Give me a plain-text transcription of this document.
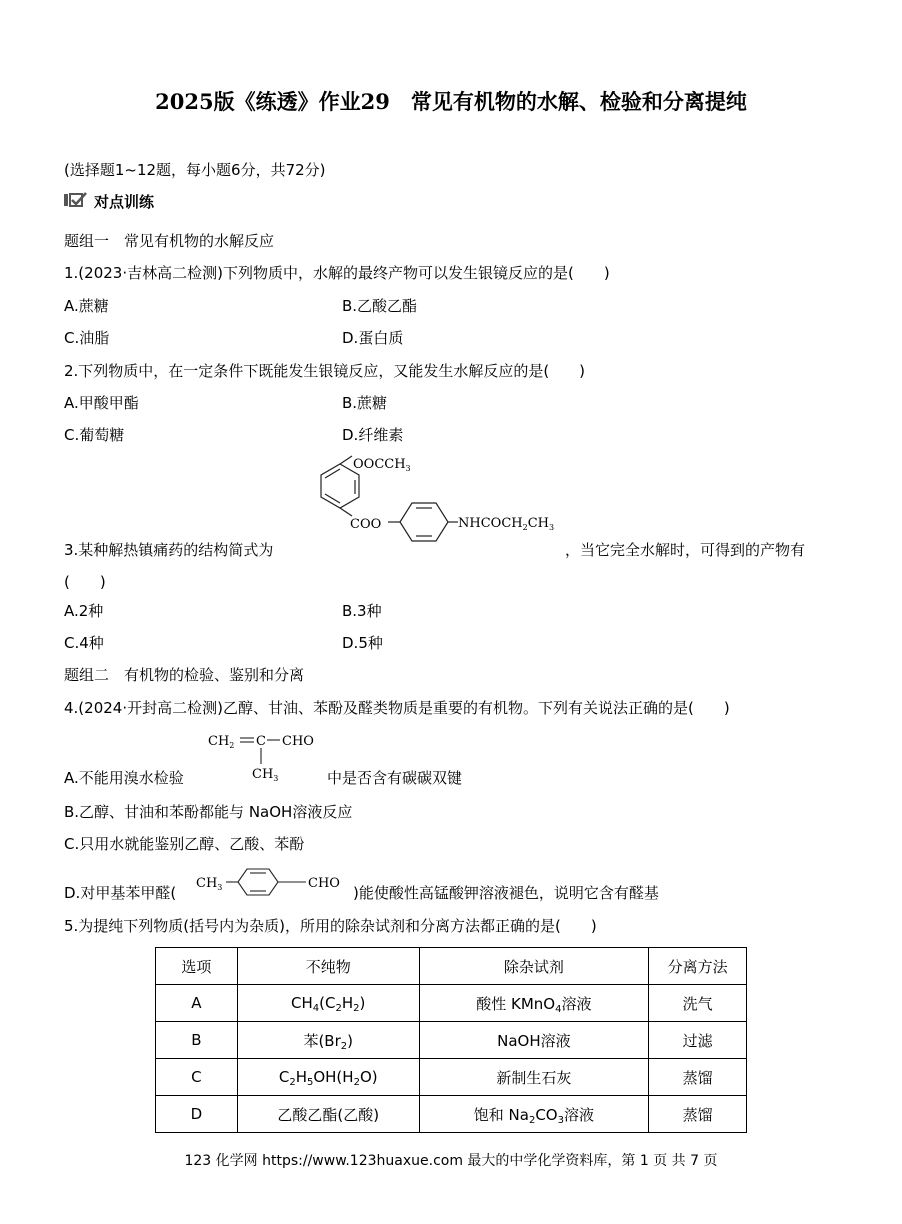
2025版《练透》作业29　常见有机物的水解、检验和分离提纯
(选择题1~12题，每小题6分，共72分)
对点训练
题组一　常见有机物的水解反应
1.(2023·吉林高二检测)下列物质中，水解的最终产物可以发生银镜反应的是(　　)
A.蔗糖	B.乙酸乙酯
C.油脂	D.蛋白质
2.下列物质中，在一定条件下既能发生银镜反应，又能发生水解反应的是(　　)
A.甲酸甲酯	B.蔗糖
C.葡萄糖	D.纤维素
3.某种解热镇痛药的结构简式为
$OOCCH_3$
COO	$NHCOCH_2CH_3$
，当它完全水解时，可得到的产物有
(　　)
A.2种	B.3种
C.4种	D.5种
题组二　有机物的检验、鉴别和分离
4.(2024·开封高二检测)乙醇、甘油、苯酚及醛类物质是重要的有机物。下列有关说法正确的是(　　)
A.不能用溴水检验
$CH_2$ C CHO
$CH_3$	中是否含有碳碳双键
B.乙醇、甘油和苯酚都能与 NaOH溶液反应
C.只用水就能鉴别乙醇、乙酸、苯酚
D.对甲基苯甲醛(
$CH_3$	CHO
)能使酸性高锰酸钾溶液褪色，说明它含有醛基
5.为提纯下列物质(括号内为杂质)，所用的除杂试剂和分离方法都正确的是(　　)
选项	不纯物	除杂试剂	分离方法
A	$CH_4(C_2H_2)$	酸性 KMnO$_4$溶液	洗气
B	苯$(Br_2)$	NaOH溶液	过滤
C	$C_2H_5OH(H_2O)$	新制生石灰	蒸馏
D	乙酸乙酯(乙酸)	饱和 $Na_2CO_3$溶液	蒸馏
123 化学网 https://www.123huaxue.com 最大的中学化学资料库，第 1 页 共 7 页
